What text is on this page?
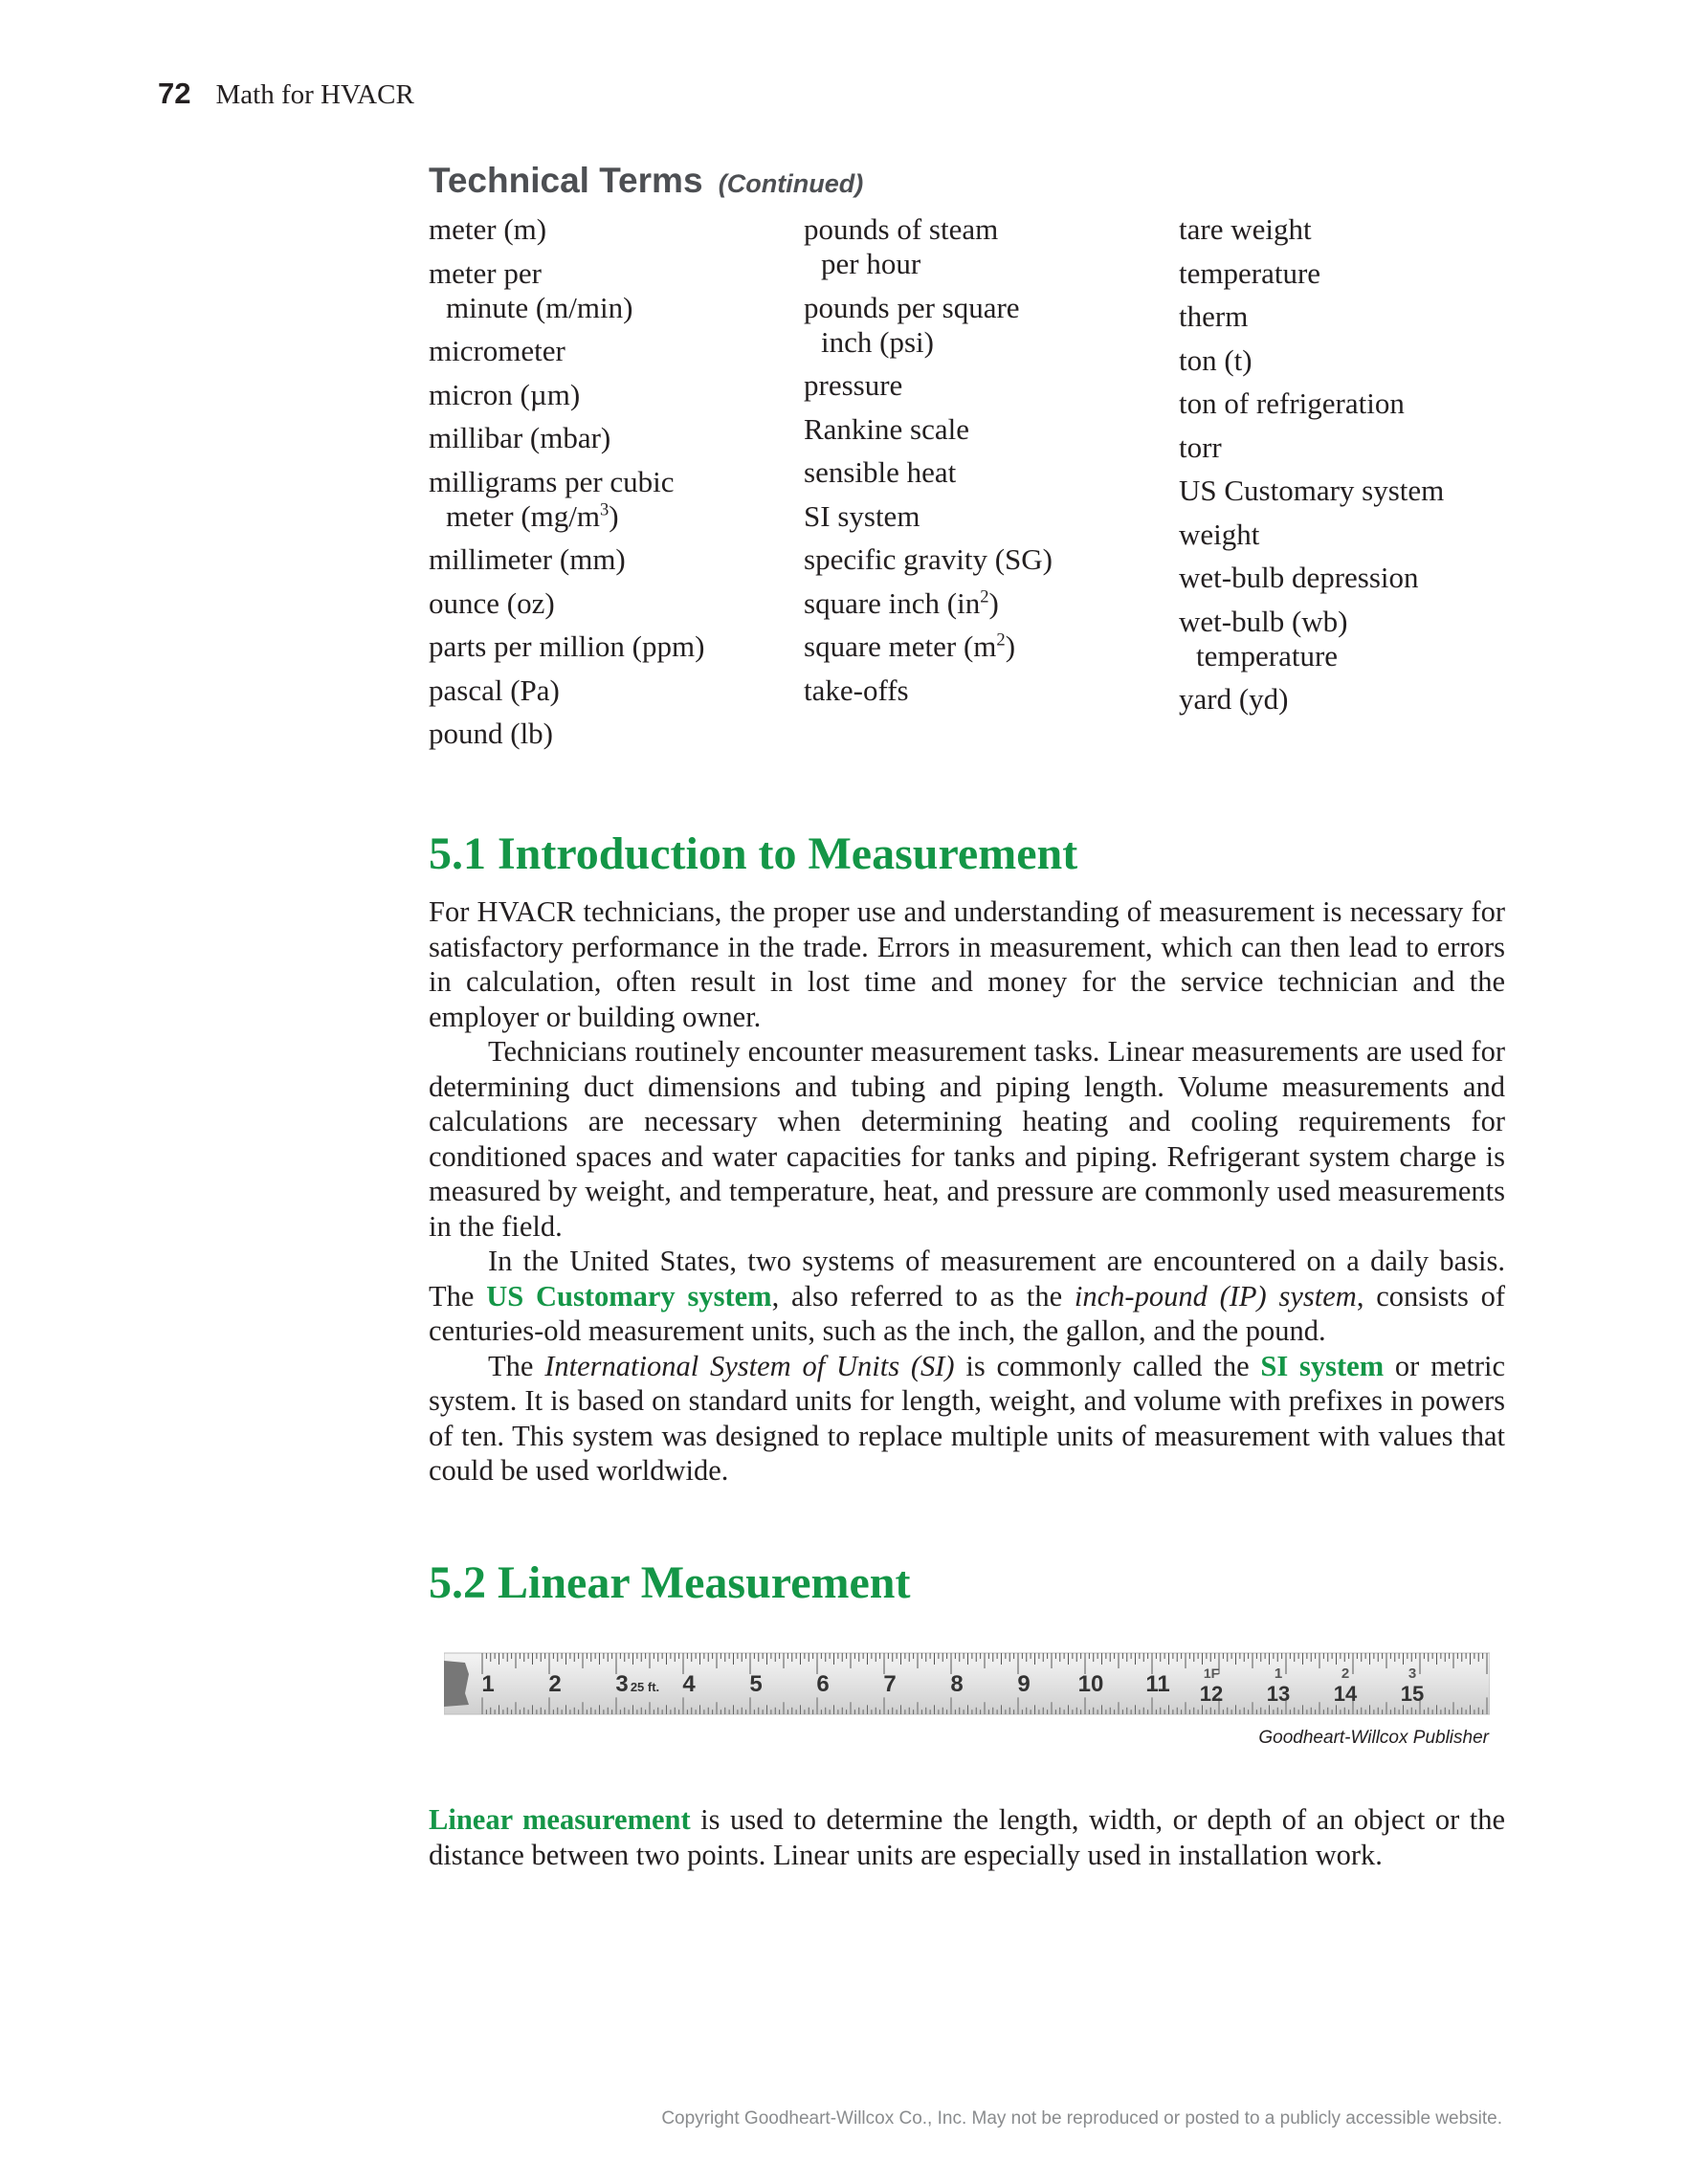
72 Math for HVACR
Technical Terms (Continued)
meter (m)
meter per
minute (m/min)
micrometer
micron (µm)
millibar (mbar)
milligrams per cubic
meter $(mg/m^3)$
millimeter (mm)
ounce (oz)
parts per million (ppm)
pascal (Pa)
pound (lb)
pounds of steam
per hour
pounds per square
inch (psi)
pressure
Rankine scale
sensible heat
SI system
specific gravity (SG)
square inch $(in^2)$
square meter $(m^2)$
take-offs
tare weight
temperature
therm
ton (t)
ton of refrigeration
torr
US Customary system
weight
wet-bulb depression
wet-bulb (wb)
temperature
yard (yd)
5.1 Introduction to Measurement

For HVACR technicians, the proper use and understanding of measurement is necessary for satisfactory performance in the trade. Errors in measurement, which can then lead to errors in calculation, often result in lost time and money for the service technician and the employer or building owner.

Technicians routinely encounter measurement tasks. Linear measurements are used for determining duct dimensions and tubing and piping length. Volume measurements and calculations are necessary when determining heating and cooling requirements for conditioned spaces and water capacities for tanks and piping. Refrigerant system charge is measured by weight, and temperature, heat, and pressure are commonly used measurements in the field.

In the United States, two systems of measurement are encountered on a daily basis. The US Customary system, also referred to as the inch-pound (IP) system, consists of centuries-old measurement units, such as the inch, the gallon, and the pound.

The International System of Units (SI) is commonly called the SI system or metric system. It is based on standard units for length, weight, and volume with prefixes in powers of ten. This system was designed to replace multiple units of measurement with values that could be used worldwide.

5.2 Linear Measurement
1 2 3 4 5 6 7 8 9 10 11
25 ft.
1F
12
1
13
2
14
3
15
Goodheart-Willcox Publisher

Linear measurement is used to determine the length, width, or depth of an object or the distance between two points. Linear units are especially used in installation work.

Copyright Goodheart-Willcox Co., Inc. May not be reproduced or posted to a publicly accessible website.
